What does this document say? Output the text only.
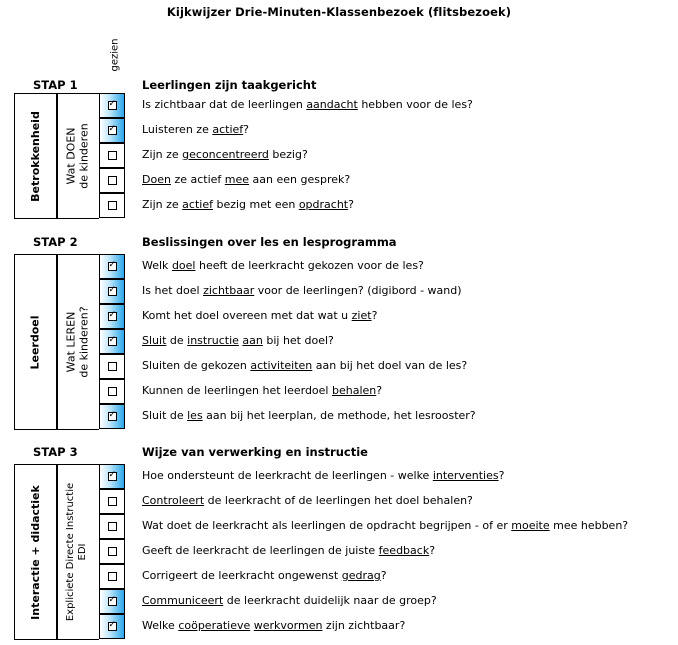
Kijkwijzer Drie-Minuten-Klassenbezoek (flitsbezoek)
gezien
STAP 1	Leerlingen zijn taakgericht
Betrokkenheid Wat DOEN de kinderen
✓ Is zichtbaar dat de leerlingen aandacht hebben voor de les?
✓ Luisteren ze actief?
Zijn ze geconcentreerd bezig?
Doen ze actief mee aan een gesprek?
Zijn ze actief bezig met een opdracht?
STAP 2	Beslissingen over les en lesprogramma
Leerdoel Wat LEREN de kinderen?
✓ Welk doel heeft de leerkracht gekozen voor de les?
✓ Is het doel zichtbaar voor de leerlingen? (digibord - wand)
✓ Komt het doel overeen met dat wat u ziet?
✓ Sluit de instructie aan bij het doel?
Sluiten de gekozen activiteiten aan bij het doel van de les?
Kunnen de leerlingen het leerdoel behalen?
✓ Sluit de les aan bij het leerplan, de methode, het lesrooster?
STAP 3	Wijze van verwerking en instructie
Interactie + didactiek Expliciete Directe Instructie EDI
✓ Hoe ondersteunt de leerkracht de leerlingen - welke interventies?
Controleert de leerkracht of de leerlingen het doel behalen?
Wat doet de leerkracht als leerlingen de opdracht begrijpen - of er moeite mee hebben?
Geeft de leerkracht de leerlingen de juiste feedback?
Corrigeert de leerkracht ongewenst gedrag?
✓ Communiceert de leerkracht duidelijk naar de groep?
✓ Welke coöperatieve werkvormen zijn zichtbaar?
